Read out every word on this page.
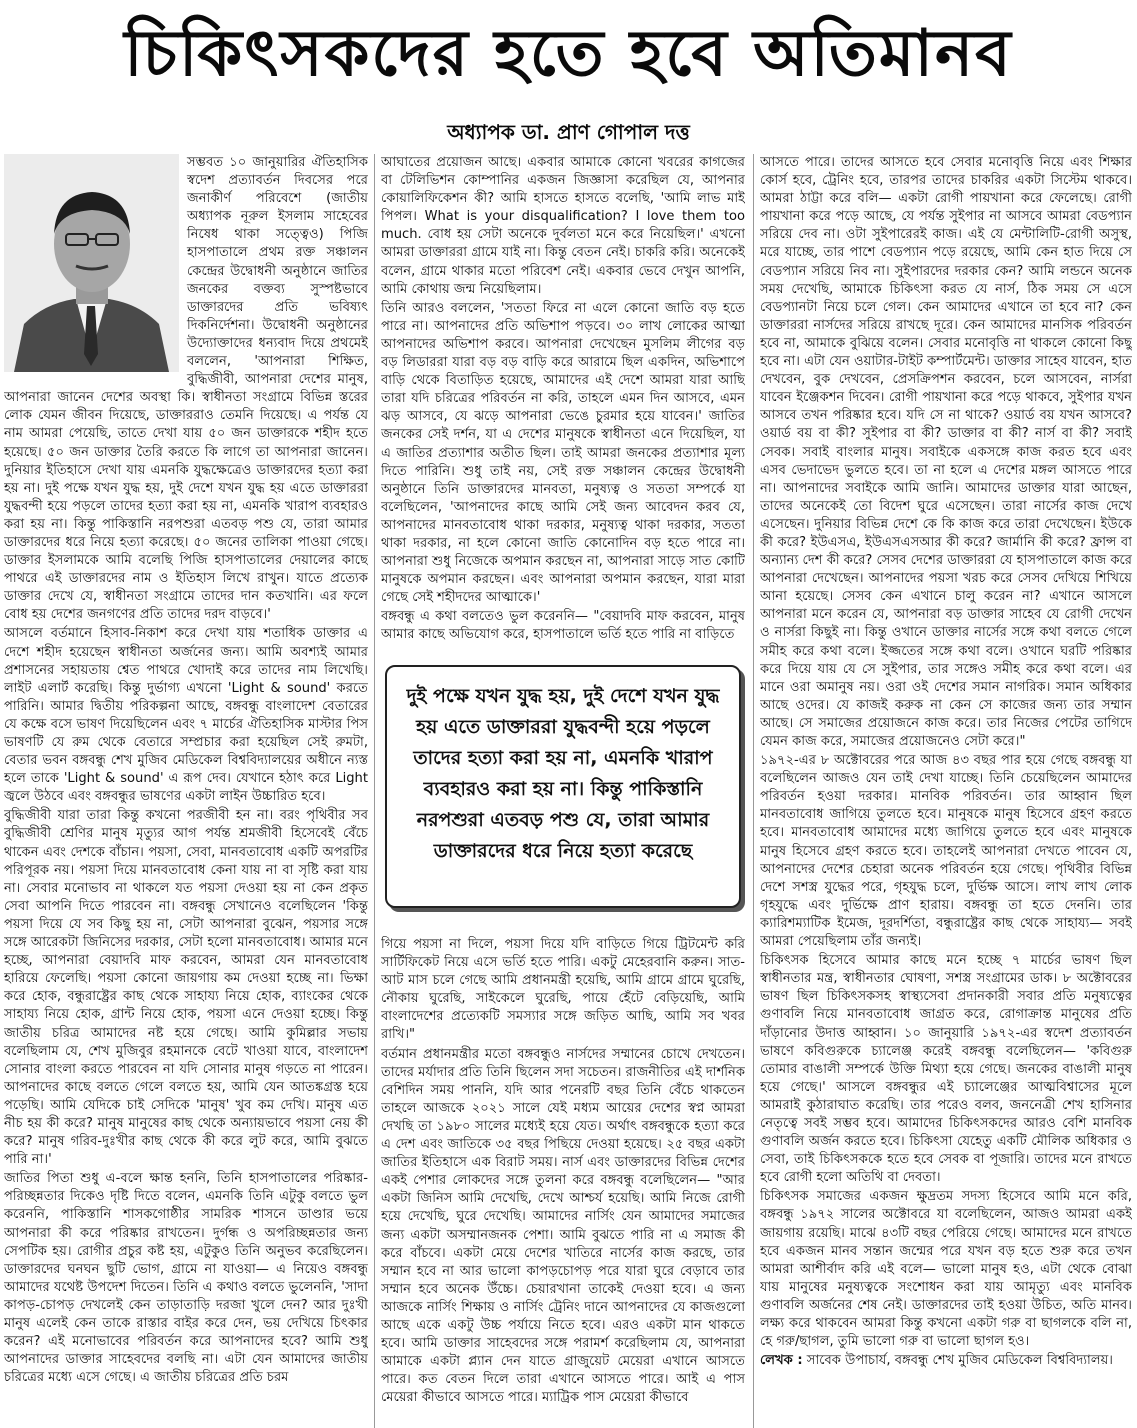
চিকিৎসকদের হতে হবে অতিমানব
অধ্যাপক ডা. প্রাণ গোপাল দত্ত

সম্ভবত ১০ জানুয়ারির ঐতিহাসিক স্বদেশ প্রত্যাবর্তন দিবসের পরে জনাকীর্ণ পরিবেশে (জাতীয় অধ্যাপক নূরুল ইসলাম সাহেবের নিষেধ থাকা সত্ত্বেও) পিজি হাসপাতালে প্রথম রক্ত সঞ্চালন কেন্দ্রের উদ্বোধনী অনুষ্ঠানে জাতির জনকের বক্তব্য সুস্পষ্টভাবে ডাক্তারদের প্রতি ভবিষ্যৎ দিকনির্দেশনা। উদ্বোধনী অনুষ্ঠানের উদ্যোক্তাদের ধন্যবাদ দিয়ে প্রথমেই বললেন, 'আপনারা শিক্ষিত, বুদ্ধিজীবী, আপনারা দেশের মানুষ, আপনারা জানেন দেশের অবস্থা কি। স্বাধীনতা সংগ্রামে বিভিন্ন স্তরের লোক যেমন জীবন দিয়েছে, ডাক্তাররাও তেমনি দিয়েছে। এ পর্যন্ত যে নাম আমরা পেয়েছি, তাতে দেখা যায় ৫০ জন ডাক্তারকে শহীদ হতে হয়েছে। ৫০ জন ডাক্তার তৈরি করতে কি লাগে তা আপনারা জানেন। দুনিয়ার ইতিহাসে দেখা যায় এমনকি যুদ্ধক্ষেত্রেও ডাক্তারদের হত্যা করা হয় না। দুই পক্ষে যখন যুদ্ধ হয়, দুই দেশে যখন যুদ্ধ হয় এতে ডাক্তাররা যুদ্ধবন্দী হয়ে পড়লে তাদের হত্যা করা হয় না, এমনকি খারাপ ব্যবহারও করা হয় না। কিন্তু পাকিস্তানি নরপশুরা এতবড় পশু যে, তারা আমার ডাক্তারদের ধরে নিয়ে হত্যা করেছে। ৫০ জনের তালিকা পাওয়া গেছে। ডাক্তার ইসলামকে আমি বলেছি পিজি হাসপাতালের দেয়ালের কাছে পাথরে এই ডাক্তারদের নাম ও ইতিহাস লিখে রাখুন। যাতে প্রত্যেক ডাক্তার দেখে যে, স্বাধীনতা সংগ্রামে তাদের দান কতখানি। এর ফলে বোধ হয় দেশের জনগণের প্রতি তাদের দরদ বাড়বে।'

আসলে বর্তমানে হিসাব-নিকাশ করে দেখা যায় শতাধিক ডাক্তার এ দেশে শহীদ হয়েছেন স্বাধীনতা অর্জনের জন্য। আমি অবশ্যই আমার প্রশাসনের সহায়তায় শ্বেত পাথরে খোদাই করে তাদের নাম লিখেছি। লাইট এলার্ট করেছি। কিন্তু দুর্ভাগ্য এখনো 'Light & sound' করতে পারিনি। আমার দ্বিতীয় পরিকল্পনা আছে, বঙ্গবন্ধু বাংলাদেশ বেতারের যে কক্ষে বসে ভাষণ দিয়েছিলেন এবং ৭ মার্চের ঐতিহাসিক মাস্টার পিস ভাষণটি যে রুম থেকে বেতারে সম্প্রচার করা হয়েছিল সেই রুমটা, বেতার ভবন বঙ্গবন্ধু শেখ মুজিব মেডিকেল বিশ্ববিদ্যালয়ের অধীনে ন্যস্ত হলে তাকে 'Light & sound' এ রূপ দেব। যেখানে হঠাৎ করে Light জ্বলে উঠবে এবং বঙ্গবন্ধুর ভাষণের একটা লাইন উচ্চারিত হবে।

বুদ্ধিজীবী যারা তারা কিন্তু কখনো পরজীবী হন না। বরং পৃথিবীর সব বুদ্ধিজীবী শ্রেণির মানুষ মৃত্যুর আগ পর্যন্ত শ্রমজীবী হিসেবেই বেঁচে থাকেন এবং দেশকে বাঁচান। পয়সা, সেবা, মানবতাবোধ একটি অপরটির পরিপূরক নয়। পয়সা দিয়ে মানবতাবোধ কেনা যায় না বা সৃষ্টি করা যায় না। সেবার মনোভাব না থাকলে যত পয়সা দেওয়া হয় না কেন প্রকৃত সেবা আপনি দিতে পারবেন না। বঙ্গবন্ধু সেখানেও বলেছিলেন 'কিন্তু পয়সা দিয়ে যে সব কিছু হয় না, সেটা আপনারা বুঝেন, পয়সার সঙ্গে সঙ্গে আরেকটা জিনিসের দরকার, সেটা হলো মানবতাবোধ। আমার মনে হচ্ছে, আপনারা বেয়াদবি মাফ করবেন, আমরা যেন মানবতাবোধ হারিয়ে ফেলেছি। পয়সা কোনো জায়গায় কম দেওয়া হচ্ছে না। ভিক্ষা করে হোক, বন্ধুরাষ্ট্রের কাছ থেকে সাহায্য নিয়ে হোক, ব্যাংকের থেকে সাহায্য নিয়ে হোক, গ্রান্ট নিয়ে হোক, পয়সা এনে দেওয়া হচ্ছে। কিন্তু জাতীয় চরিত্র আমাদের নষ্ট হয়ে গেছে। আমি কুমিল্লার সভায় বলেছিলাম যে, শেখ মুজিবুর রহমানকে বেটে খাওয়া যাবে, বাংলাদেশ সোনার বাংলা করতে পারবেন না যদি সোনার মানুষ গড়তে না পারেন। আপনাদের কাছে বলতে গেলে বলতে হয়, আমি যেন আতঙ্কগ্রস্ত হয়ে পড়েছি। আমি যেদিকে চাই সেদিকে 'মানুষ' খুব কম দেখি। মানুষ এত নীচ হয় কী করে? মানুষ মানুষের কাছ থেকে অন্যায়ভাবে পয়সা নেয় কী করে? মানুষ গরিব-দুঃখীর কাছ থেকে কী করে লুট করে, আমি বুঝতে পারি না।'

জাতির পিতা শুধু এ-বলে ক্ষান্ত হননি, তিনি হাসপাতালের পরিষ্কার-পরিচ্ছন্নতার দিকেও দৃষ্টি দিতে বলেন, এমনকি তিনি এটুকু বলতে ভুল করেননি, পাকিস্তানি শাসকগোষ্ঠীর সামরিক শাসনে ডাণ্ডার ভয়ে আপনারা কী করে পরিষ্কার রাখতেন। দুর্গন্ধ ও অপরিচ্ছন্নতার জন্য সেপটিক হয়। রোগীর প্রচুর কষ্ট হয়, এটুকুও তিনি অনুভব করেছিলেন। ডাক্তারদের ঘনঘন ছুটি ভোগ, গ্রামে না যাওয়া— এ নিয়েও বঙ্গবন্ধু আমাদের যথেষ্ট উপদেশ দিতেন। তিনি এ কথাও বলতে ভুলেননি, 'সাদা কাপড়-চোপড় দেখলেই কেন তাড়াতাড়ি দরজা খুলে দেন? আর দুঃখী মানুষ এলেই কেন তাকে রাস্তার বাইর করে দেন, ভয় দেখিয়ে চিৎকার করেন? এই মনোভাবের পরিবর্তন করে আপনাদের হবে? আমি শুধু আপনাদের ডাক্তার সাহেবদের বলছি না। এটা যেন আমাদের জাতীয় চরিত্রের মধ্যে এসে গেছে। এ জাতীয় চরিত্রের প্রতি চরম

আঘাতের প্রয়োজন আছে। একবার আমাকে কোনো খবরের কাগজের বা টেলিভিশন কোম্পানির একজন জিজ্ঞাসা করেছিল যে, আপনার কোয়ালিফিকেশন কী? আমি হাসতে হাসতে বলেছি, 'আমি লাভ মাই পিপল। What is your disqualification? I love them too much. বোধ হয় সেটা অনেকে দুর্বলতা মনে করে নিয়েছিল।' এখনো আমরা ডাক্তাররা গ্রামে যাই না। কিন্তু বেতন নেই। চাকরি করি। অনেকেই বলেন, গ্রামে থাকার মতো পরিবেশ নেই। একবার ভেবে দেখুন আপনি, আমি কোথায় জন্ম নিয়েছিলাম।

তিনি আরও বললেন, 'সততা ফিরে না এলে কোনো জাতি বড় হতে পারে না। আপনাদের প্রতি অভিশাপ পড়বে। ৩০ লাখ লোকের আত্মা আপনাদের অভিশাপ করবে। আপনারা দেখেছেন মুসলিম লীগের বড় বড় লিডাররা যারা বড় বড় বাড়ি করে আরামে ছিল একদিন, অভিশাপে বাড়ি থেকে বিতাড়িত হয়েছে, আমাদের এই দেশে আমরা যারা আছি তারা যদি চরিত্রের পরিবর্তন না করি, তাহলে এমন দিন আসবে, এমন ঝড় আসবে, যে ঝড়ে আপনারা ভেঙে চুরমার হয়ে যাবেন।' জাতির জনকের সেই দর্শন, যা এ দেশের মানুষকে স্বাধীনতা এনে দিয়েছিল, যা এ জাতির প্রত্যাশার অতীত ছিল। তাই আমরা জনকের প্রত্যাশার মূল্য দিতে পারিনি। শুধু তাই নয়, সেই রক্ত সঞ্চালন কেন্দ্রের উদ্বোধনী অনুষ্ঠানে তিনি ডাক্তারদের মানবতা, মনুষ্যত্ব ও সততা সম্পর্কে যা বলেছিলেন, 'আপনাদের কাছে আমি সেই জন্য আবেদন করব যে, আপনাদের মানবতাবোধ থাকা দরকার, মনুষ্যত্ব থাকা দরকার, সততা থাকা দরকার, না হলে কোনো জাতি কোনোদিন বড় হতে পারে না। আপনারা শুধু নিজেকে অপমান করছেন না, আপনারা সাড়ে সাত কোটি মানুষকে অপমান করছেন। এবং আপনারা অপমান করছেন, যারা মারা গেছে সেই শহীদদের আত্মাকে।'

বঙ্গবন্ধু এ কথা বলতেও ভুল করেননি— "বেয়াদবি মাফ করবেন, মানুষ আমার কাছে অভিযোগ করে, হাসপাতালে ভর্তি হতে পারি না বাড়িতে

দুই পক্ষে যখন যুদ্ধ হয়, দুই দেশে যখন যুদ্ধ হয় এতে ডাক্তাররা যুদ্ধবন্দী হয়ে পড়লে তাদের হত্যা করা হয় না, এমনকি খারাপ ব্যবহারও করা হয় না। কিন্তু পাকিস্তানি নরপশুরা এতবড় পশু যে, তারা আমার ডাক্তারদের ধরে নিয়ে হত্যা করেছে

গিয়ে পয়সা না দিলে, পয়সা দিয়ে যদি বাড়িতে গিয়ে ট্রিটমেন্ট করি সার্টিফিকেট নিয়ে এসে ভর্তি হতে পারি। একটু মেহেরবানি করুন। সাত-আট মাস চলে গেছে আমি প্রধানমন্ত্রী হয়েছি, আমি গ্রামে গ্রামে ঘুরেছি, নৌকায় ঘুরেছি, সাইকেলে ঘুরেছি, পায়ে হেঁটে বেড়িয়েছি, আমি বাংলাদেশের প্রত্যেকটি সমস্যার সঙ্গে জড়িত আছি, আমি সব খবর রাখি।"

বর্তমান প্রধানমন্ত্রীর মতো বঙ্গবন্ধুও নার্সদের সম্মানের চোখে দেখতেন। তাদের মর্যাদার প্রতি তিনি ছিলেন সদা সচেতন। রাজনীতির এই দার্শনিক বেশিদিন সময় পাননি, যদি আর পনেরটি বছর তিনি বেঁচে থাকতেন তাহলে আজকে ২০২১ সালে যেই মধ্যম আয়ের দেশের স্বপ্ন আমরা দেখছি তা ১৯৮০ সালের মধ্যেই হয়ে যেত। অর্থাৎ বঙ্গবন্ধুকে হত্যা করে এ দেশ এবং জাতিকে ৩৫ বছর পিছিয়ে দেওয়া হয়েছে। ২৫ বছর একটা জাতির ইতিহাসে এক বিরাট সময়। নার্স এবং ডাক্তারদের বিভিন্ন দেশের একই পেশার লোকদের সঙ্গে তুলনা করে বঙ্গবন্ধু বলেছিলেন— "আর একটা জিনিস আমি দেখেছি, দেখে আশ্চর্য হয়েছি। আমি নিজে রোগী হয়ে দেখেছি, ঘুরে দেখেছি। আমাদের নার্সিং যেন আমাদের সমাজের জন্য একটা অসম্মানজনক পেশা। আমি বুঝতে পারি না এ সমাজ কী করে বাঁচবে। একটা মেয়ে দেশের খাতিরে নার্সের কাজ করছে, তার সম্মান হবে না আর ভালো কাপড়চোপড় পরে যারা ঘুরে বেড়াবে তার সম্মান হবে অনেক উঁচ্চে। চেয়ারখানা তাকেই দেওয়া হবে। এ জন্য আজকে নার্সিং শিক্ষায় ও নার্সিং ট্রেনিং দানে আপনাদের যে কাজগুলো আছে একে একটু উচ্চ পর্যায়ে নিতে হবে। এরও একটা মান থাকতে হবে। আমি ডাক্তার সাহেবদের সঙ্গে পরামর্শ করেছিলাম যে, আপনারা আমাকে একটা প্ল্যান দেন যাতে গ্রাজুয়েট মেয়েরা এখানে আসতে পারে। কত বেতন দিলে তারা এখানে আসতে পারে। আই এ পাস মেয়েরা কীভাবে আসতে পারে। ম্যাট্রিক পাস মেয়েরা কীভাবে

আসতে পারে। তাদের আসতে হবে সেবার মনোবৃত্তি নিয়ে এবং শিক্ষার কোর্স হবে, ট্রেনিং হবে, তারপর তাদের চাকরির একটা সিস্টেম থাকবে। আমরা ঠাট্টা করে বলি— একটা রোগী পায়খানা করে ফেলেছে। রোগী পায়খানা করে পড়ে আছে, যে পর্যন্ত সুইপার না আসবে আমরা বেডপ্যান সরিয়ে দেব না। ওটা সুইপারেরই কাজ। এই যে মেন্টালিটি-রোগী অসুস্থ, মরে যাচ্ছে, তার পাশে বেডপ্যান পড়ে রয়েছে, আমি কেন হাত দিয়ে সে বেডপ্যান সরিয়ে নিব না। সুইপারদের দরকার কেন? আমি লন্ডনে অনেক সময় দেখেছি, আমাকে চিকিৎসা করত যে নার্স, ঠিক সময় সে এসে বেডপ্যানটা নিয়ে চলে গেল। কেন আমাদের এখানে তা হবে না? কেন ডাক্তাররা নার্সদের সরিয়ে রাখছে দূরে। কেন আমাদের মানসিক পরিবর্তন হবে না, আমাকে বুঝিয়ে বলেন। সেবার মনোবৃত্তি না থাকলে কোনো কিছু হবে না। এটা যেন ওয়াটার-টাইট কম্পার্টমেন্ট। ডাক্তার সাহেব যাবেন, হাত দেখবেন, বুক দেখবেন, প্রেসক্রিপশন করবেন, চলে আসবেন, নার্সরা যাবেন ইঞ্জেকশন দিবেন। রোগী পায়খানা করে পড়ে থাকবে, সুইপার যখন আসবে তখন পরিষ্কার হবে। যদি সে না থাকে? ওয়ার্ড বয় যখন আসবে? ওয়ার্ড বয় বা কী? সুইপার বা কী? ডাক্তার বা কী? নার্স বা কী? সবাই সেবক। সবাই বাংলার মানুষ। সবাইকে একসঙ্গে কাজ করত হবে এবং এসব ভেদাভেদ ভুলতে হবে। তা না হলে এ দেশের মঙ্গল আসতে পারে না। আপনাদের সবাইকে আমি জানি। আমাদের ডাক্তার যারা আছেন, তাদের অনেকেই তো বিদেশ ঘুরে এসেছেন। তারা নার্সের কাজ দেখে এসেছেন। দুনিয়ার বিভিন্ন দেশে কে কি কাজ করে তারা দেখেছেন। ইউকে কী করে? ইউএসএ, ইউএসএসআর কী করে? জার্মানি কী করে? ফ্রান্স বা অন্যান্য দেশ কী করে? সেসব দেশের ডাক্তাররা যে হাসপাতালে কাজ করে আপনারা দেখেছেন। আপনাদের পয়সা খরচ করে সেসব দেখিয়ে শিখিয়ে আনা হয়েছে। সেসব কেন এখানে চালু করেন না? এখানে আসলে আপনারা মনে করেন যে, আপনারা বড় ডাক্তার সাহেব যে রোগী দেখেন ও নার্সরা কিছুই না। কিন্তু ওখানে ডাক্তার নার্সের সঙ্গে কথা বলতে গেলে সমীহ করে কথা বলে। ইজ্জতের সঙ্গে কথা বলে। ওখানে ঘরটি পরিষ্কার করে দিয়ে যায় যে সে সুইপার, তার সঙ্গেও সমীহ করে কথা বলে। এর মানে ওরা অমানুষ নয়। ওরা ওই দেশের সমান নাগরিক। সমান অধিকার আছে ওদের। যে কাজই করুক না কেন সে কাজের জন্য তার সম্মান আছে। সে সমাজের প্রয়োজনে কাজ করে। তার নিজের পেটের তাগিদে যেমন কাজ করে, সমাজের প্রয়োজনেও সেটা করে।"

১৯৭২-এর ৮ অক্টোবরের পরে আজ ৪৩ বছর পার হয়ে গেছে বঙ্গবন্ধু যা বলেছিলেন আজও যেন তাই দেখা যাচ্ছে। তিনি চেয়েছিলেন আমাদের পরিবর্তন হওয়া দরকার। মানবিক পরিবর্তন। তার আহ্বান ছিল মানবতাবোধ জাগিয়ে তুলতে হবে। মানুষকে মানুষ হিসেবে গ্রহণ করতে হবে। মানবতাবোধ আমাদের মধ্যে জাগিয়ে তুলতে হবে এবং মানুষকে মানুষ হিসেবে গ্রহণ করতে হবে। তাহলেই আপনারা দেখতে পাবেন যে, আপনাদের দেশের চেহারা অনেক পরিবর্তন হয়ে গেছে। পৃথিবীর বিভিন্ন দেশে সশস্ত্র যুদ্ধের পরে, গৃহযুদ্ধ চলে, দুর্ভিক্ষ আসে। লাখ লাখ লোক গৃহযুদ্ধে এবং দুর্ভিক্ষে প্রাণ হারায়। বঙ্গবন্ধু তা হতে দেননি। তার ক্যারিশম্যাটিক ইমেজ, দূরদর্শিতা, বন্ধুরাষ্ট্রের কাছ থেকে সাহায্য— সবই আমরা পেয়েছিলাম তাঁর জন্যই।

চিকিৎসক হিসেবে আমার কাছে মনে হচ্ছে ৭ মার্চের ভাষণ ছিল স্বাধীনতার মন্ত্র, স্বাধীনতার ঘোষণা, সশস্ত্র সংগ্রামের ডাক। ৮ অক্টোবরের ভাষণ ছিল চিকিৎসকসহ স্বাস্থ্যসেবা প্রদানকারী সবার প্রতি মনুষ্যত্বের গুণাবলি নিয়ে মানবতাবোধ জাগ্রত করে, রোগাক্রান্ত মানুষের প্রতি দাঁড়ানোর উদাত্ত আহ্বান। ১০ জানুয়ারি ১৯৭২-এর স্বদেশ প্রত্যাবর্তন ভাষণে কবিগুরুকে চ্যালেঞ্জ করেই বঙ্গবন্ধু বলেছিলেন— 'কবিগুরু তোমার বাঙালী সম্পর্কে উক্তি মিথ্যা হয়ে গেছে। জনকের বাঙালী মানুষ হয়ে গেছে।' আসলে বঙ্গবন্ধুর এই চ্যালেঞ্জের আত্মবিশ্বাসের মূলে আমরাই কুঠারাঘাত করেছি। তার পরেও বলব, জননেত্রী শেখ হাসিনার নেতৃত্বে সবই সম্ভব হবে। আমাদের চিকিৎসকদের আরও বেশি মানবিক গুণাবলি অর্জন করতে হবে। চিকিৎসা যেহেতু একটি মৌলিক অধিকার ও সেবা, তাই চিকিৎসককে হতে হবে সেবক বা পূজারি। তাদের মনে রাখতে হবে রোগী হলো অতিথি বা দেবতা।

চিকিৎসক সমাজের একজন ক্ষুদ্রতম সদস্য হিসেবে আমি মনে করি, বঙ্গবন্ধু ১৯৭২ সালের অক্টোবরে যা বলেছিলেন, আজও আমরা একই জায়গায় রয়েছি। মাঝে ৪৩টি বছর পেরিয়ে গেছে। আমাদের মনে রাখতে হবে একজন মানব সন্তান জন্মের পরে যখন বড় হতে শুরু করে তখন আমরা আশীর্বাদ করি এই বলে— ভালো মানুষ হও, এটা থেকে বোঝা যায় মানুষের মনুষ্যত্বকে সংশোধন করা যায় আমৃত্যু এবং মানবিক গুণাবলি অর্জনের শেষ নেই। ডাক্তারদের তাই হওয়া উচিত, অতি মানব। লক্ষ্য করে থাকবেন আমরা কিন্তু কখনো একটা গরু বা ছাগলকে বলি না, হে গরু/ছাগল, তুমি ভালো গরু বা ভালো ছাগল হও।

লেখক : সাবেক উপাচার্য, বঙ্গবন্ধু শেখ মুজিব মেডিকেল বিশ্ববিদ্যালয়।
